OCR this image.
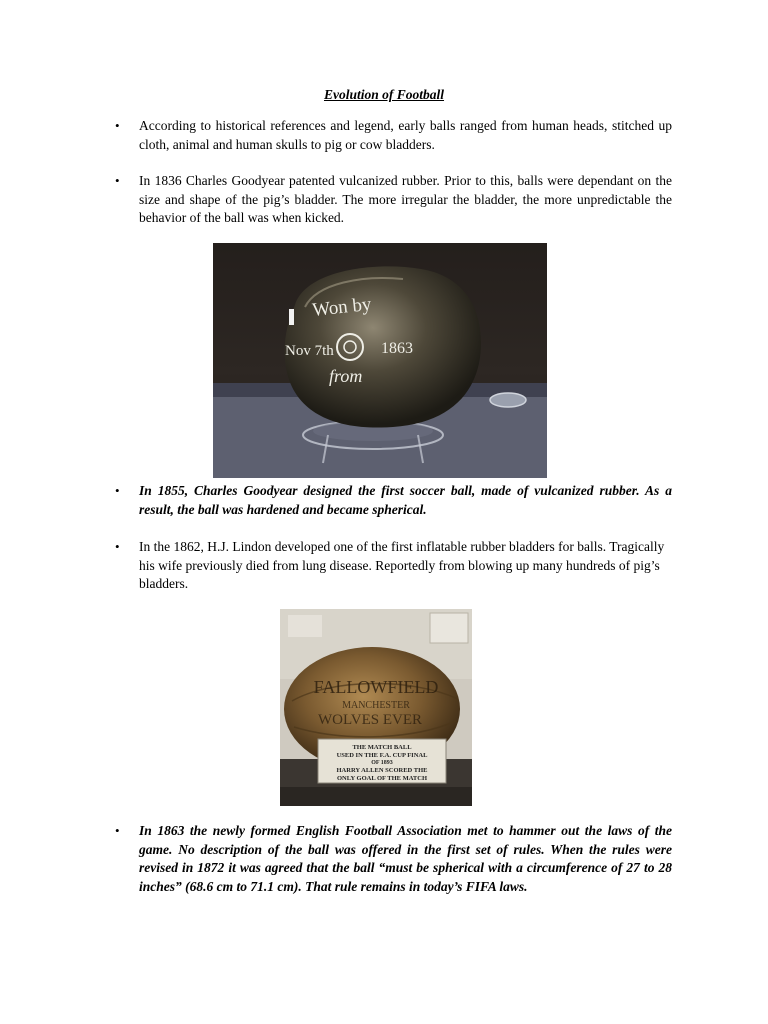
Evolution of Football
• According to historical references and legend, early balls ranged from human heads, stitched up cloth, animal and human skulls to pig or cow bladders.

• In 1836 Charles Goodyear patented vulcanized rubber. Prior to this, balls were dependant on the size and shape of the pig’s bladder. The more irregular the bladder, the more unpredictable the behavior of the ball was when kicked.

Won by
Nov 7th	1863
from
• In 1855, Charles Goodyear designed the first soccer ball, made of vulcanized rubber. As a result, the ball was hardened and became spherical.

• In the 1862, H.J. Lindon developed one of the first inflatable rubber bladders for balls. Tragically his wife previously died from lung disease. Reportedly from blowing up many hundreds of pig’s bladders.

FALLOWFIELD
MANCHESTER
WOLVES EVER
THE MATCH BALL
USED IN THE F.A. CUP FINAL
OF 1893
HARRY ALLEN SCORED THE
ONLY GOAL OF THE MATCH
• In 1863 the newly formed English Football Association met to hammer out the laws of the game. No description of the ball was offered in the first set of rules. When the rules were revised in 1872 it was agreed that the ball “must be spherical with a circumference of 27 to 28 inches” (68.6 cm to 71.1 cm). That rule remains in today’s FIFA laws.
